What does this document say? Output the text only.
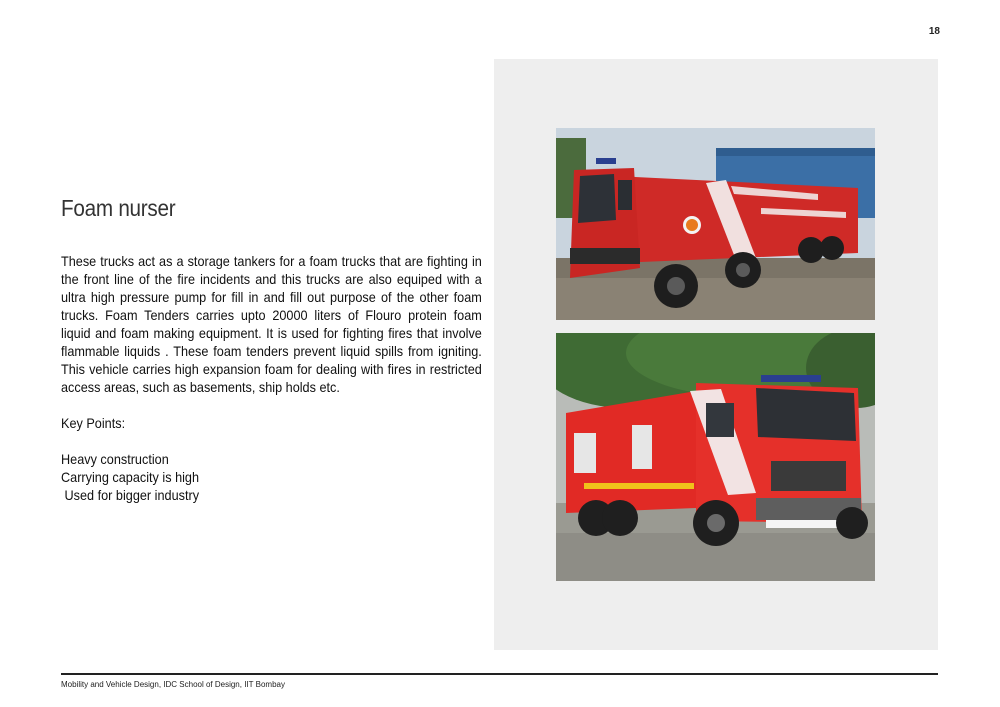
18
Foam nurser

These trucks act as a storage tankers for a foam trucks that are fighting in the front line of the fire incidents and this trucks are also equiped with a ultra high pressure pump for fill in and fill out purpose of the other foam trucks. Foam Tenders carries upto 20000 liters of Flouro protein foam liquid and foam making equipment. It is used for fighting fires that involve flammable liquids . These foam tenders prevent liquid spills from igniting. This vehicle carries high expansion foam for dealing with fires in restricted access areas, such as basements, ship holds etc.

Key Points:
Heavy construction
Carrying capacity is high
Used for bigger industry
Mobility and Vehicle Design, IDC School of Design, IIT Bombay
